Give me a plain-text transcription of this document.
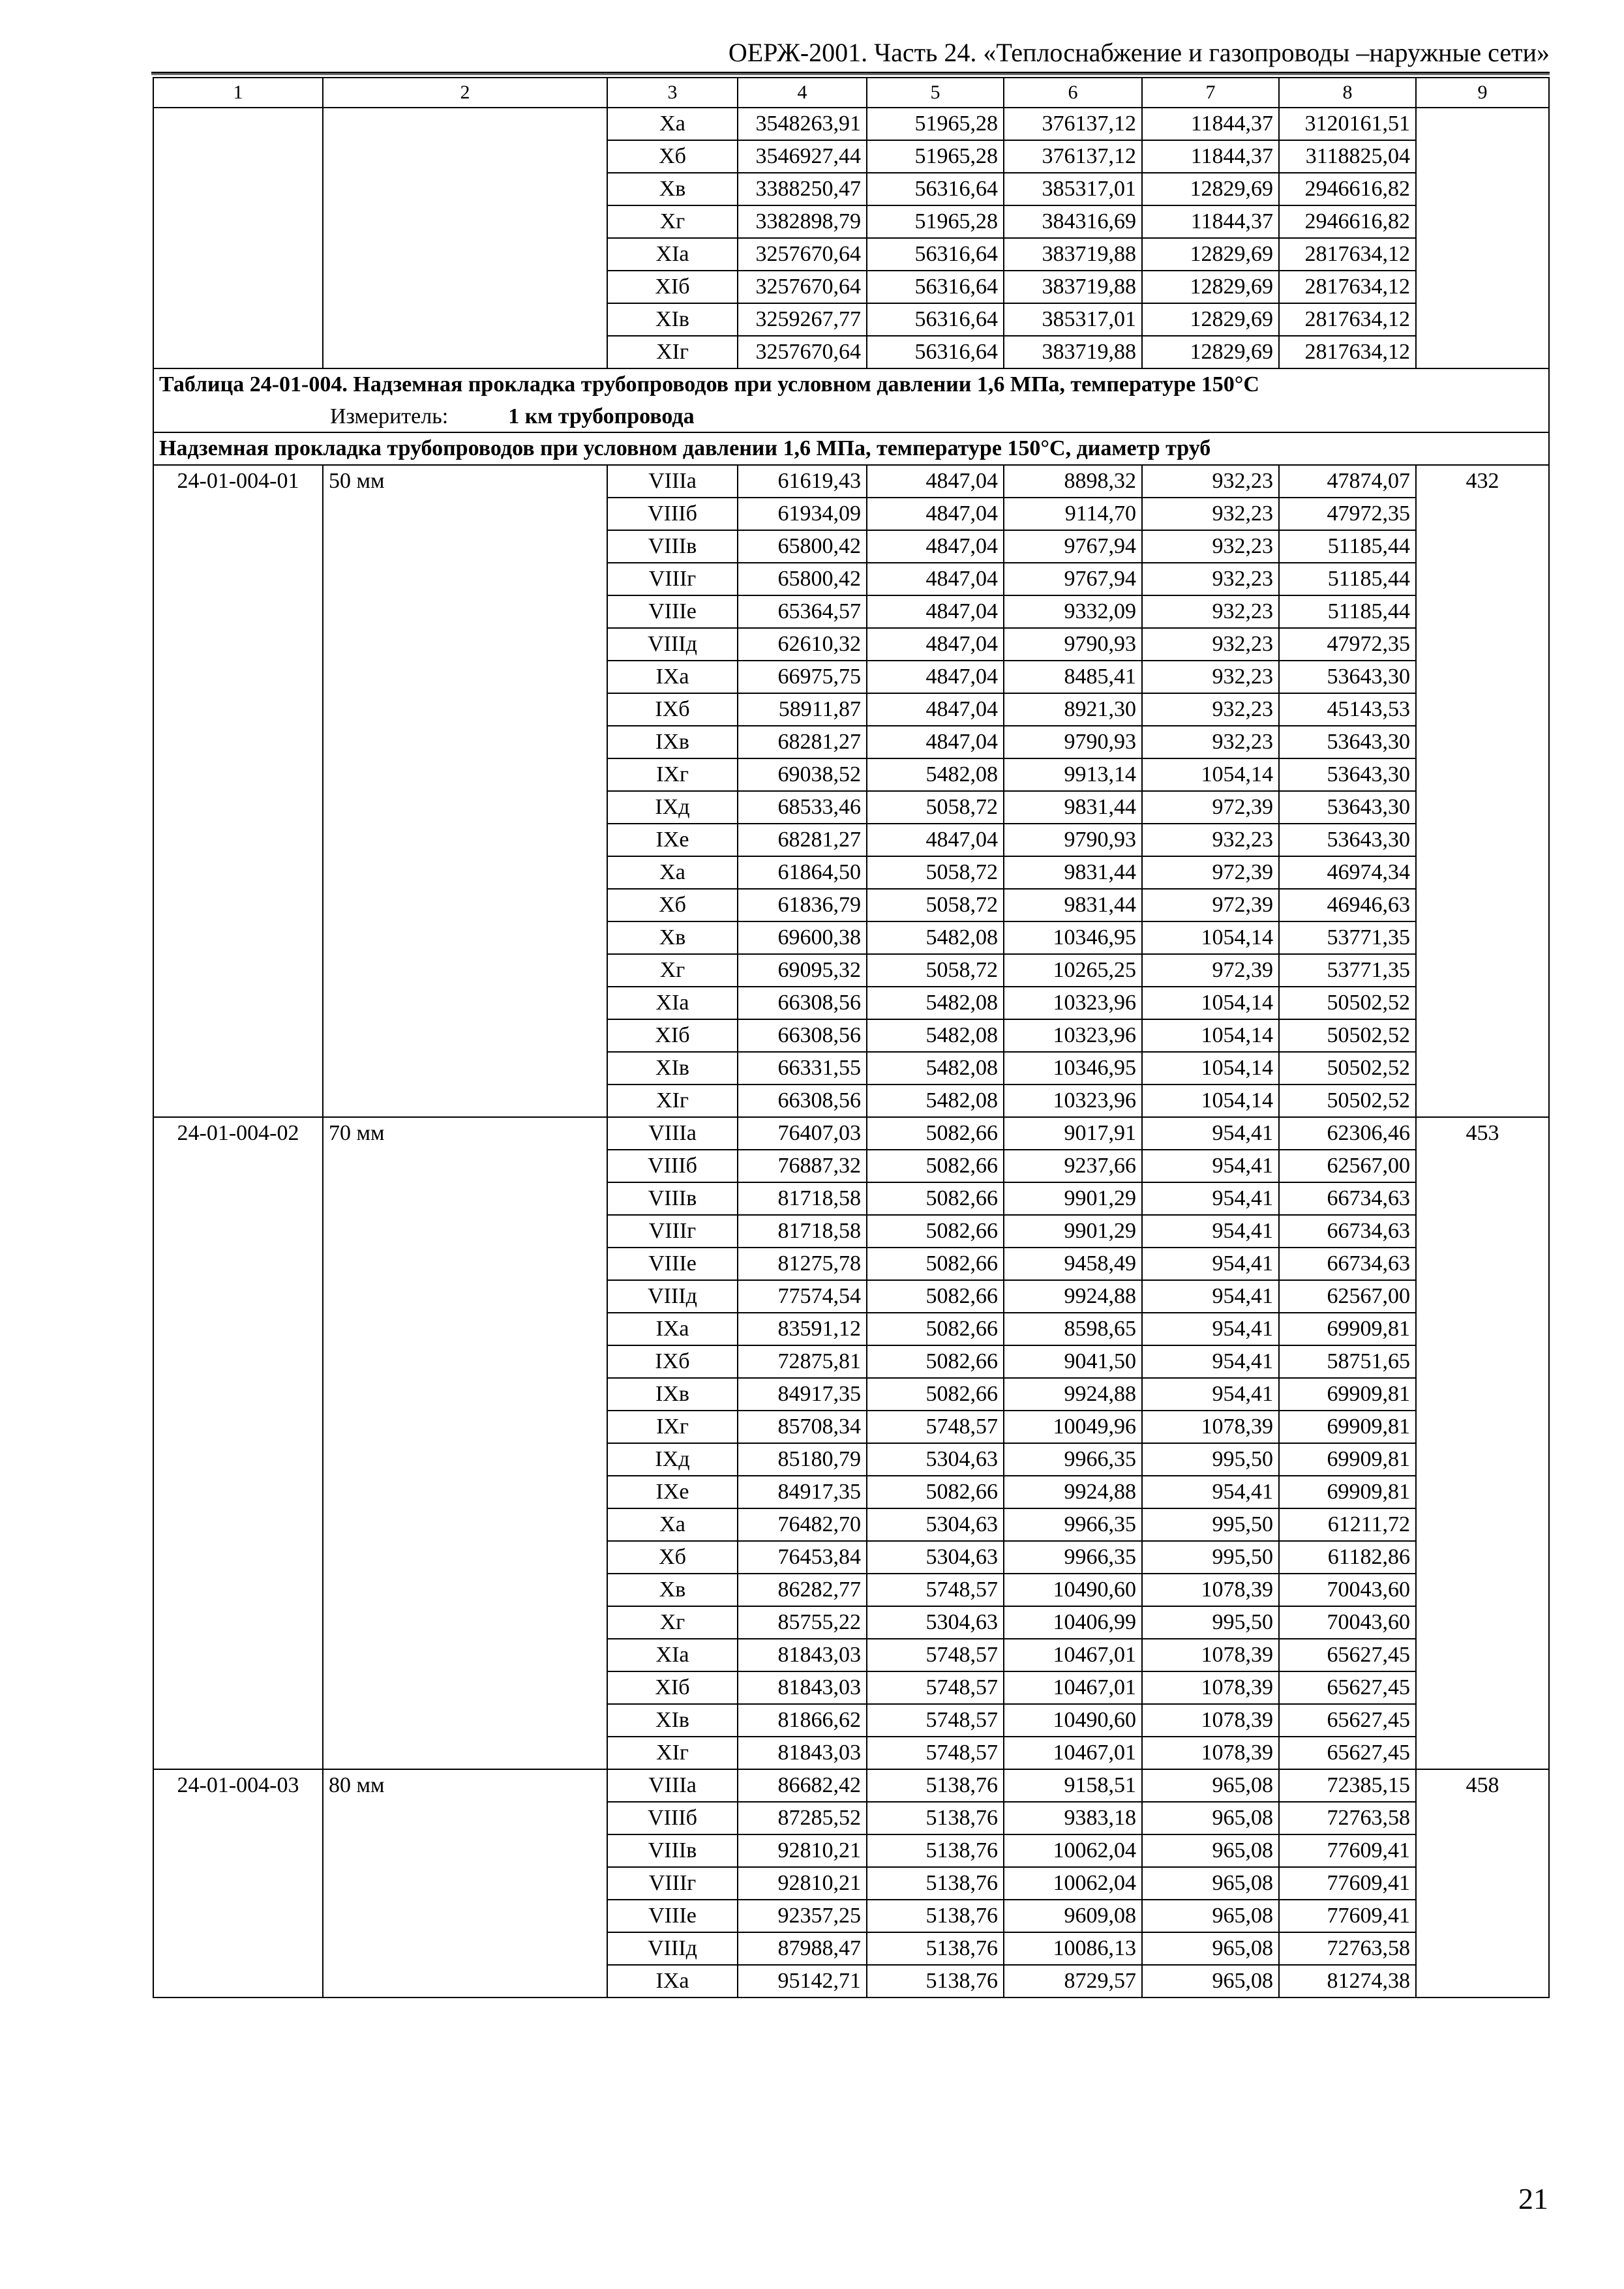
ОЕРЖ-2001. Часть 24. «Теплоснабжение и газопроводы –наружные сети»
1	2	3	4	5	6	7	8	9
		Xa	3548263,91	51965,28	376137,12	11844,37	3120161,51	
		Xб	3546927,44	51965,28	376137,12	11844,37	3118825,04	
		Xв	3388250,47	56316,64	385317,01	12829,69	2946616,82	
		Xг	3382898,79	51965,28	384316,69	11844,37	2946616,82	
		XIa	3257670,64	56316,64	383719,88	12829,69	2817634,12	
		XIб	3257670,64	56316,64	383719,88	12829,69	2817634,12	
		XIв	3259267,77	56316,64	385317,01	12829,69	2817634,12	
		XIг	3257670,64	56316,64	383719,88	12829,69	2817634,12	

Таблица 24-01-004. Надземная прокладка трубопроводов при условном давлении 1,6 МПа, температуре 150°С
Измеритель: 1 км трубопровода								

Надземная прокладка трубопроводов при условном давлении 1,6 МПа, температуре 150°С, диаметр труб								
24-01-004-01	50 мм	VIIIa	61619,43	4847,04	8898,32	932,23	47874,07	432
		VIIIб	61934,09	4847,04	9114,70	932,23	47972,35	
		VIIIв	65800,42	4847,04	9767,94	932,23	51185,44	
		VIIIг	65800,42	4847,04	9767,94	932,23	51185,44	
		VIIIe	65364,57	4847,04	9332,09	932,23	51185,44	
		VIIIд	62610,32	4847,04	9790,93	932,23	47972,35	
		IXa	66975,75	4847,04	8485,41	932,23	53643,30	
		IXб	58911,87	4847,04	8921,30	932,23	45143,53	
		IXв	68281,27	4847,04	9790,93	932,23	53643,30	
		IXг	69038,52	5482,08	9913,14	1054,14	53643,30	
		IXд	68533,46	5058,72	9831,44	972,39	53643,30	
		IXe	68281,27	4847,04	9790,93	932,23	53643,30	
		Xa	61864,50	5058,72	9831,44	972,39	46974,34	
		Xб	61836,79	5058,72	9831,44	972,39	46946,63	
		Xв	69600,38	5482,08	10346,95	1054,14	53771,35	
		Xг	69095,32	5058,72	10265,25	972,39	53771,35	
		XIa	66308,56	5482,08	10323,96	1054,14	50502,52	
		XIб	66308,56	5482,08	10323,96	1054,14	50502,52	
		XIв	66331,55	5482,08	10346,95	1054,14	50502,52	
		XIг	66308,56	5482,08	10323,96	1054,14	50502,52	
24-01-004-02	70 мм	VIIIa	76407,03	5082,66	9017,91	954,41	62306,46	453
		VIIIб	76887,32	5082,66	9237,66	954,41	62567,00	
		VIIIв	81718,58	5082,66	9901,29	954,41	66734,63	
		VIIIг	81718,58	5082,66	9901,29	954,41	66734,63	
		VIIIe	81275,78	5082,66	9458,49	954,41	66734,63	
		VIIIд	77574,54	5082,66	9924,88	954,41	62567,00	
		IXa	83591,12	5082,66	8598,65	954,41	69909,81	
		IXб	72875,81	5082,66	9041,50	954,41	58751,65	
		IXв	84917,35	5082,66	9924,88	954,41	69909,81	
		IXг	85708,34	5748,57	10049,96	1078,39	69909,81	
		IXд	85180,79	5304,63	9966,35	995,50	69909,81	
		IXe	84917,35	5082,66	9924,88	954,41	69909,81	
		Xa	76482,70	5304,63	9966,35	995,50	61211,72	
		Xб	76453,84	5304,63	9966,35	995,50	61182,86	
		Xв	86282,77	5748,57	10490,60	1078,39	70043,60	
		Xг	85755,22	5304,63	10406,99	995,50	70043,60	
		XIa	81843,03	5748,57	10467,01	1078,39	65627,45	
		XIб	81843,03	5748,57	10467,01	1078,39	65627,45	
		XIв	81866,62	5748,57	10490,60	1078,39	65627,45	
		XIг	81843,03	5748,57	10467,01	1078,39	65627,45	
24-01-004-03	80 мм	VIIIa	86682,42	5138,76	9158,51	965,08	72385,15	458
		VIIIб	87285,52	5138,76	9383,18	965,08	72763,58	
		VIIIв	92810,21	5138,76	10062,04	965,08	77609,41	
		VIIIг	92810,21	5138,76	10062,04	965,08	77609,41	
		VIIIe	92357,25	5138,76	9609,08	965,08	77609,41	
		VIIIд	87988,47	5138,76	10086,13	965,08	72763,58	
		IXa	95142,71	5138,76	8729,57	965,08	81274,38	
21
